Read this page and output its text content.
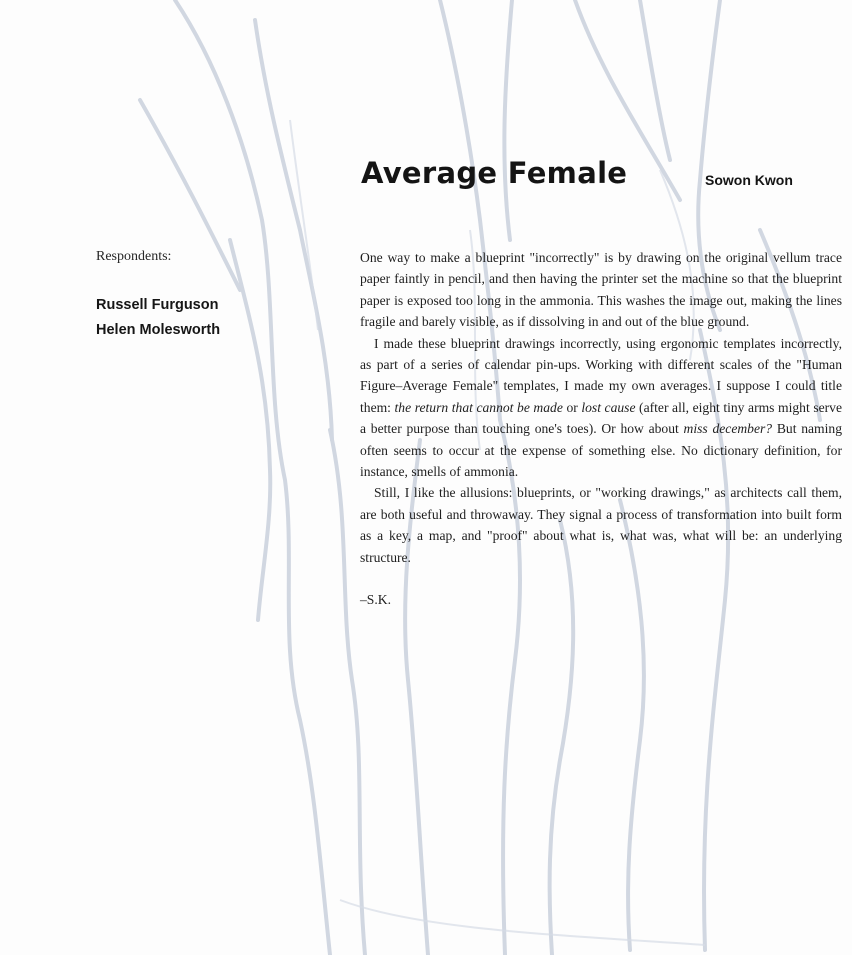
Average Female	Sowon Kwon
Respondents:
Russell Furguson
Helen Molesworth

One way to make a blueprint "incorrectly" is by drawing on the original vellum trace paper faintly in pencil, and then having the printer set the machine so that the blueprint paper is exposed too long in the ammonia. This washes the image out, making the lines fragile and barely visible, as if dissolving in and out of the blue ground.

I made these blueprint drawings incorrectly, using ergonomic templates incorrectly, as part of a series of calendar pin-ups. Working with different scales of the "Human Figure–Average Female" templates, I made my own averages. I suppose I could title them: the return that cannot be made or lost cause (after all, eight tiny arms might serve a better purpose than touching one's toes). Or how about miss december? But naming often seems to occur at the expense of something else. No dictionary definition, for instance, smells of ammonia.

Still, I like the allusions: blueprints, or "working drawings," as architects call them, are both useful and throwaway. They signal a process of transformation into built form as a key, a map, and "proof" about what is, what was, what will be: an underlying structure.

–S.K.
